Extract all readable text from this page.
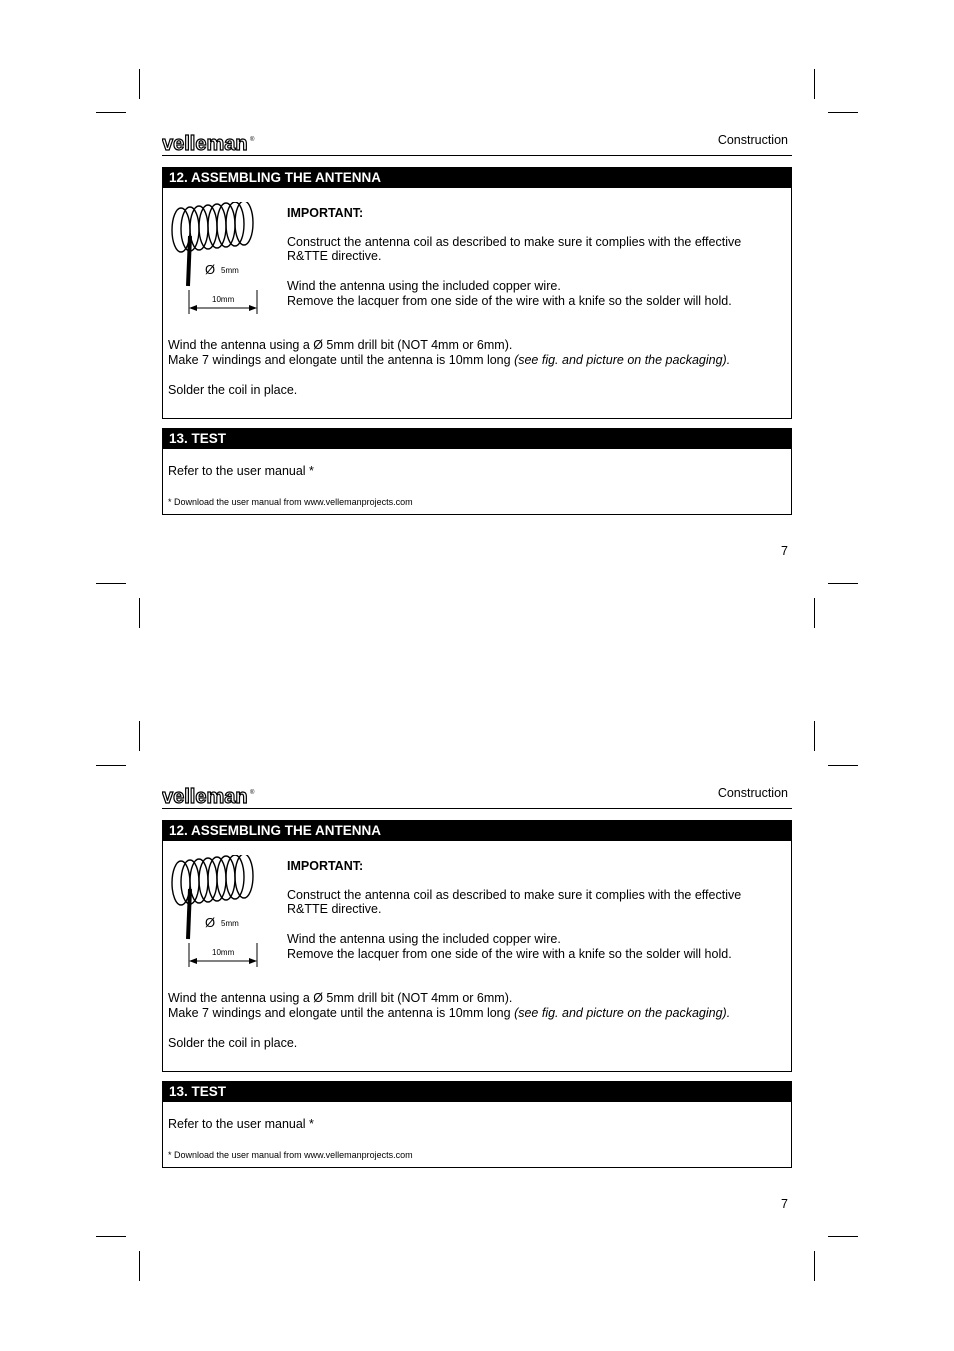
velleman ®	Construction
12. ASSEMBLING THE ANTENNA
Ø 5mm
10mm

IMPORTANT:

Construct the antenna coil as described to make sure it complies with the effective

R&TTE directive.

Wind the antenna using the included copper wire.

Remove the lacquer from one side of the wire with a knife so the solder will hold.

Wind the antenna using a Ø 5mm drill bit (NOT 4mm or 6mm).

Make 7 windings and elongate until the antenna is 10mm long (see fig. and picture on the packaging).

Solder the coil in place.

13. TEST

Refer to the user manual *

* Download the user manual from www.vellemanprojects.com
7
velleman ®	Construction
12. ASSEMBLING THE ANTENNA
Ø 5mm
10mm

IMPORTANT:

Construct the antenna coil as described to make sure it complies with the effective

R&TTE directive.

Wind the antenna using the included copper wire.

Remove the lacquer from one side of the wire with a knife so the solder will hold.

Wind the antenna using a Ø 5mm drill bit (NOT 4mm or 6mm).

Make 7 windings and elongate until the antenna is 10mm long (see fig. and picture on the packaging).

Solder the coil in place.

13. TEST

Refer to the user manual *

* Download the user manual from www.vellemanprojects.com
7
